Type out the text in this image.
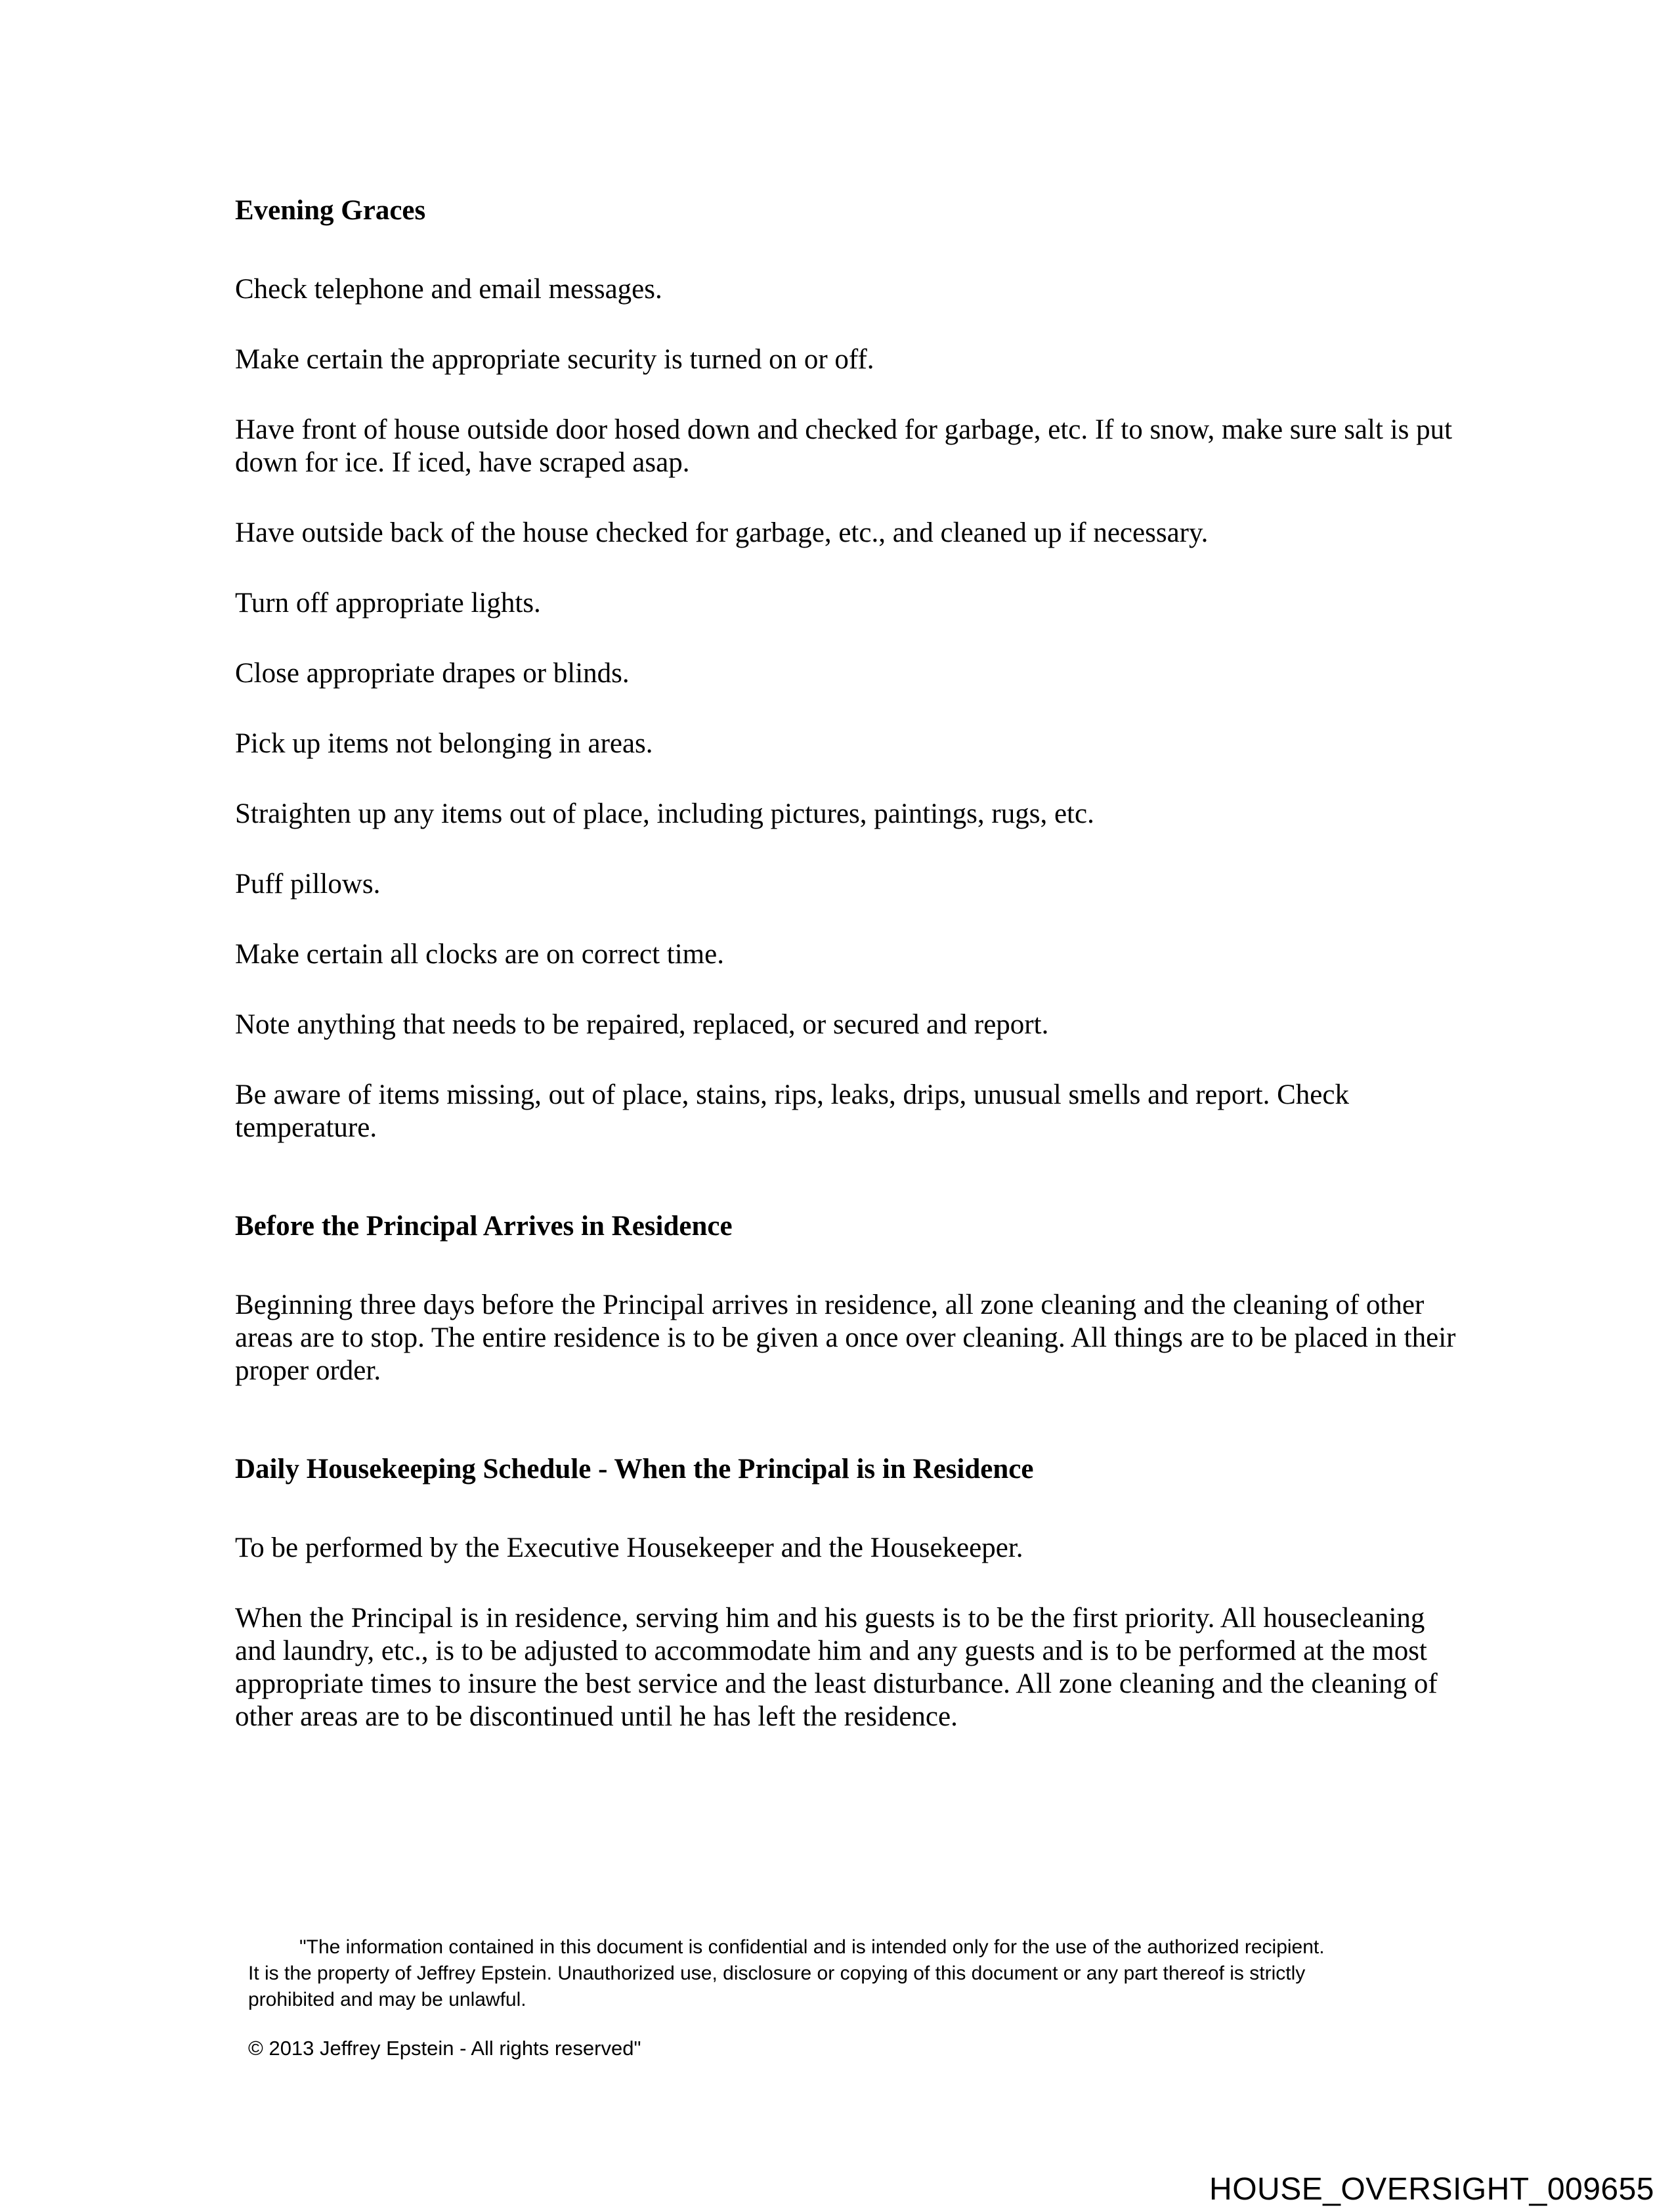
Evening Graces

Check telephone and email messages.

Make certain the appropriate security is turned on or off.

Have front of house outside door hosed down and checked for garbage, etc. If to snow, make sure salt is put down for ice. If iced, have scraped asap.

Have outside back of the house checked for garbage, etc., and cleaned up if necessary.

Turn off appropriate lights.

Close appropriate drapes or blinds.

Pick up items not belonging in areas.

Straighten up any items out of place, including pictures, paintings, rugs, etc.

Puff pillows.

Make certain all clocks are on correct time.

Note anything that needs to be repaired, replaced, or secured and report.

Be aware of items missing, out of place, stains, rips, leaks, drips, unusual smells and report. Check temperature.

Before the Principal Arrives in Residence

Beginning three days before the Principal arrives in residence, all zone cleaning and the cleaning of other areas are to stop. The entire residence is to be given a once over cleaning. All things are to be placed in their proper order.

Daily Housekeeping Schedule - When the Principal is in Residence

To be performed by the Executive Housekeeper and the Housekeeper.

When the Principal is in residence, serving him and his guests is to be the first priority. All housecleaning and laundry, etc., is to be adjusted to accommodate him and any guests and is to be performed at the most appropriate times to insure the best service and the least disturbance. All zone cleaning and the cleaning of other areas are to be discontinued until he has left the residence.

"The information contained in this document is confidential and is intended only for the use of the authorized recipient.

It is the property of Jeffrey Epstein. Unauthorized use, disclosure or copying of this document or any part thereof is strictly

prohibited and may be unlawful.

© 2013 Jeffrey Epstein - All rights reserved"

HOUSE_OVERSIGHT_009655
